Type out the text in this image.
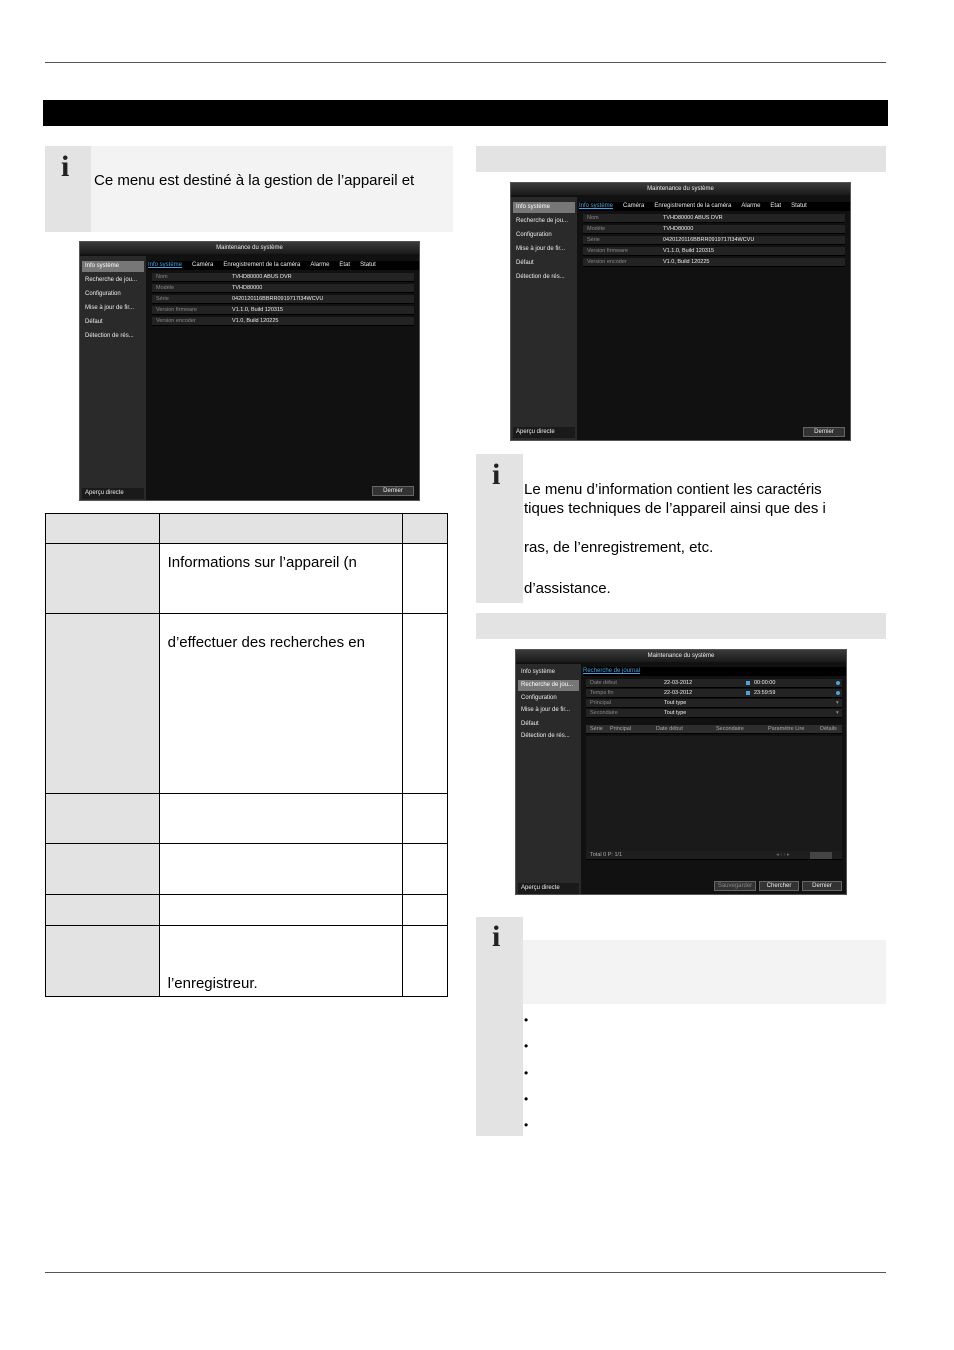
i Ce menu est destiné à la gestion de l’appareil et
Maintenance du système
Info système
Recherche de jou...
Configuration
Mise à jour de fir...
Défaut
Détection de rés...
Aperçu directe
Info système Caméra Enregistrement de la caméra Alarme Etat Statut
Nom	TVHD80000 ABUS DVR
Modèle	TVHD80000
Série	0420120116BBRR0919717I34WCVU
Version firmware	V1.1.0, Build 120315
Version encoder	V1.0, Build 120225
Dernier
Maintenance du système
Info système
Recherche de jou...
Configuration
Mise à jour de fir...
Défaut
Détection de rés...
Aperçu directe
Info système Caméra Enregistrement de la caméra Alarme Etat Statut
Nom	TVHD80000 ABUS DVR
Modèle	TVHD80000
Série	0420120116BBRR0919717I34WCVU
Version firmware	V1.1.0, Build 120315
Version encoder	V1.0, Build 120225
Dernier
i Le menu d’information contient les caractéris
tiques techniques de l’appareil ainsi que des i
ras, de l’enregistrement, etc.
d’assistance.
Maintenance du système
Info système
Recherche de jou...
Configuration
Mise à jour de fir...
Défaut
Détection de rés...
Aperçu directe
Recherche de journal
Date début	22-03-2012	00:00:00
Temps fin	22-03-2012	23:59:59
Principal	Tout type	▾
Secondaire	Tout type	▾
Série Principal	Date début	Secondaire	Paramètre Lire	Détails
Total 0 P: 1/1	◂ ‹ › ▸
Sauvegarder	Chercher	Dernier
i
•
•
•
•
•

	Informations sur l’appareil (n	
	d’effectuer des recherches en	

	l’enregistreur.	
